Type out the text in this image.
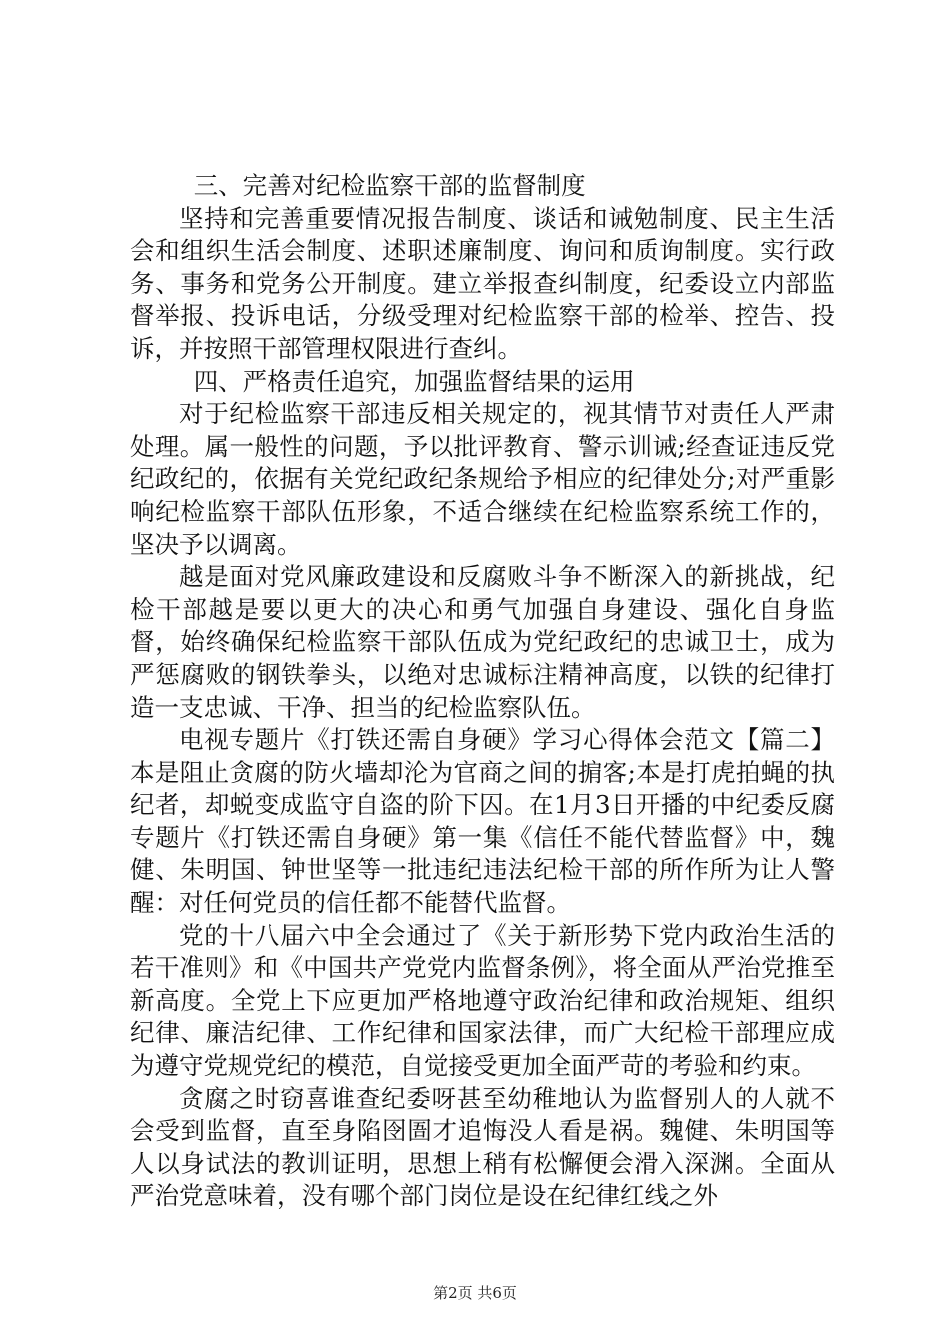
三、完善对纪检监察干部的监督制度

坚持和完善重要情况报告制度、谈话和诫勉制度、民主生活会和组织生活会制度、述职述廉制度、询问和质询制度。实行政务、事务和党务公开制度。建立举报查纠制度，纪委设立内部监督举报、投诉电话，分级受理对纪检监察干部的检举、控告、投诉，并按照干部管理权限进行查纠。

四、严格责任追究，加强监督结果的运用

对于纪检监察干部违反相关规定的，视其情节对责任人严肃处理。属一般性的问题，予以批评教育、警示训诫;经查证违反党纪政纪的，依据有关党纪政纪条规给予相应的纪律处分;对严重影响纪检监察干部队伍形象，不适合继续在纪检监察系统工作的，坚决予以调离。

越是面对党风廉政建设和反腐败斗争不断深入的新挑战，纪检干部越是要以更大的决心和勇气加强自身建设、强化自身监督，始终确保纪检监察干部队伍成为党纪政纪的忠诚卫士，成为严惩腐败的钢铁拳头，以绝对忠诚标注精神高度，以铁的纪律打造一支忠诚、干净、担当的纪检监察队伍。

电视专题片《打铁还需自身硬》学习心得体会范文【篇二】本是阻止贪腐的防火墙却沦为官商之间的掮客;本是打虎拍蝇的执纪者，却蜕变成监守自盗的阶下囚。在1月3日开播的中纪委反腐专题片《打铁还需自身硬》第一集《信任不能代替监督》中，魏健、朱明国、钟世坚等一批违纪违法纪检干部的所作所为让人警醒：对任何党员的信任都不能替代监督。

党的十八届六中全会通过了《关于新形势下党内政治生活的若干准则》和《中国共产党党内监督条例》，将全面从严治党推至新高度。全党上下应更加严格地遵守政治纪律和政治规矩、组织纪律、廉洁纪律、工作纪律和国家法律，而广大纪检干部理应成为遵守党规党纪的模范，自觉接受更加全面严苛的考验和约束。

贪腐之时窃喜谁查纪委呀甚至幼稚地认为监督别人的人就不会受到监督，直至身陷囹圄才追悔没人看是祸。魏健、朱明国等人以身试法的教训证明，思想上稍有松懈便会滑入深渊。全面从严治党意味着，没有哪个部门岗位是设在纪律红线之外

第2页 共6页
